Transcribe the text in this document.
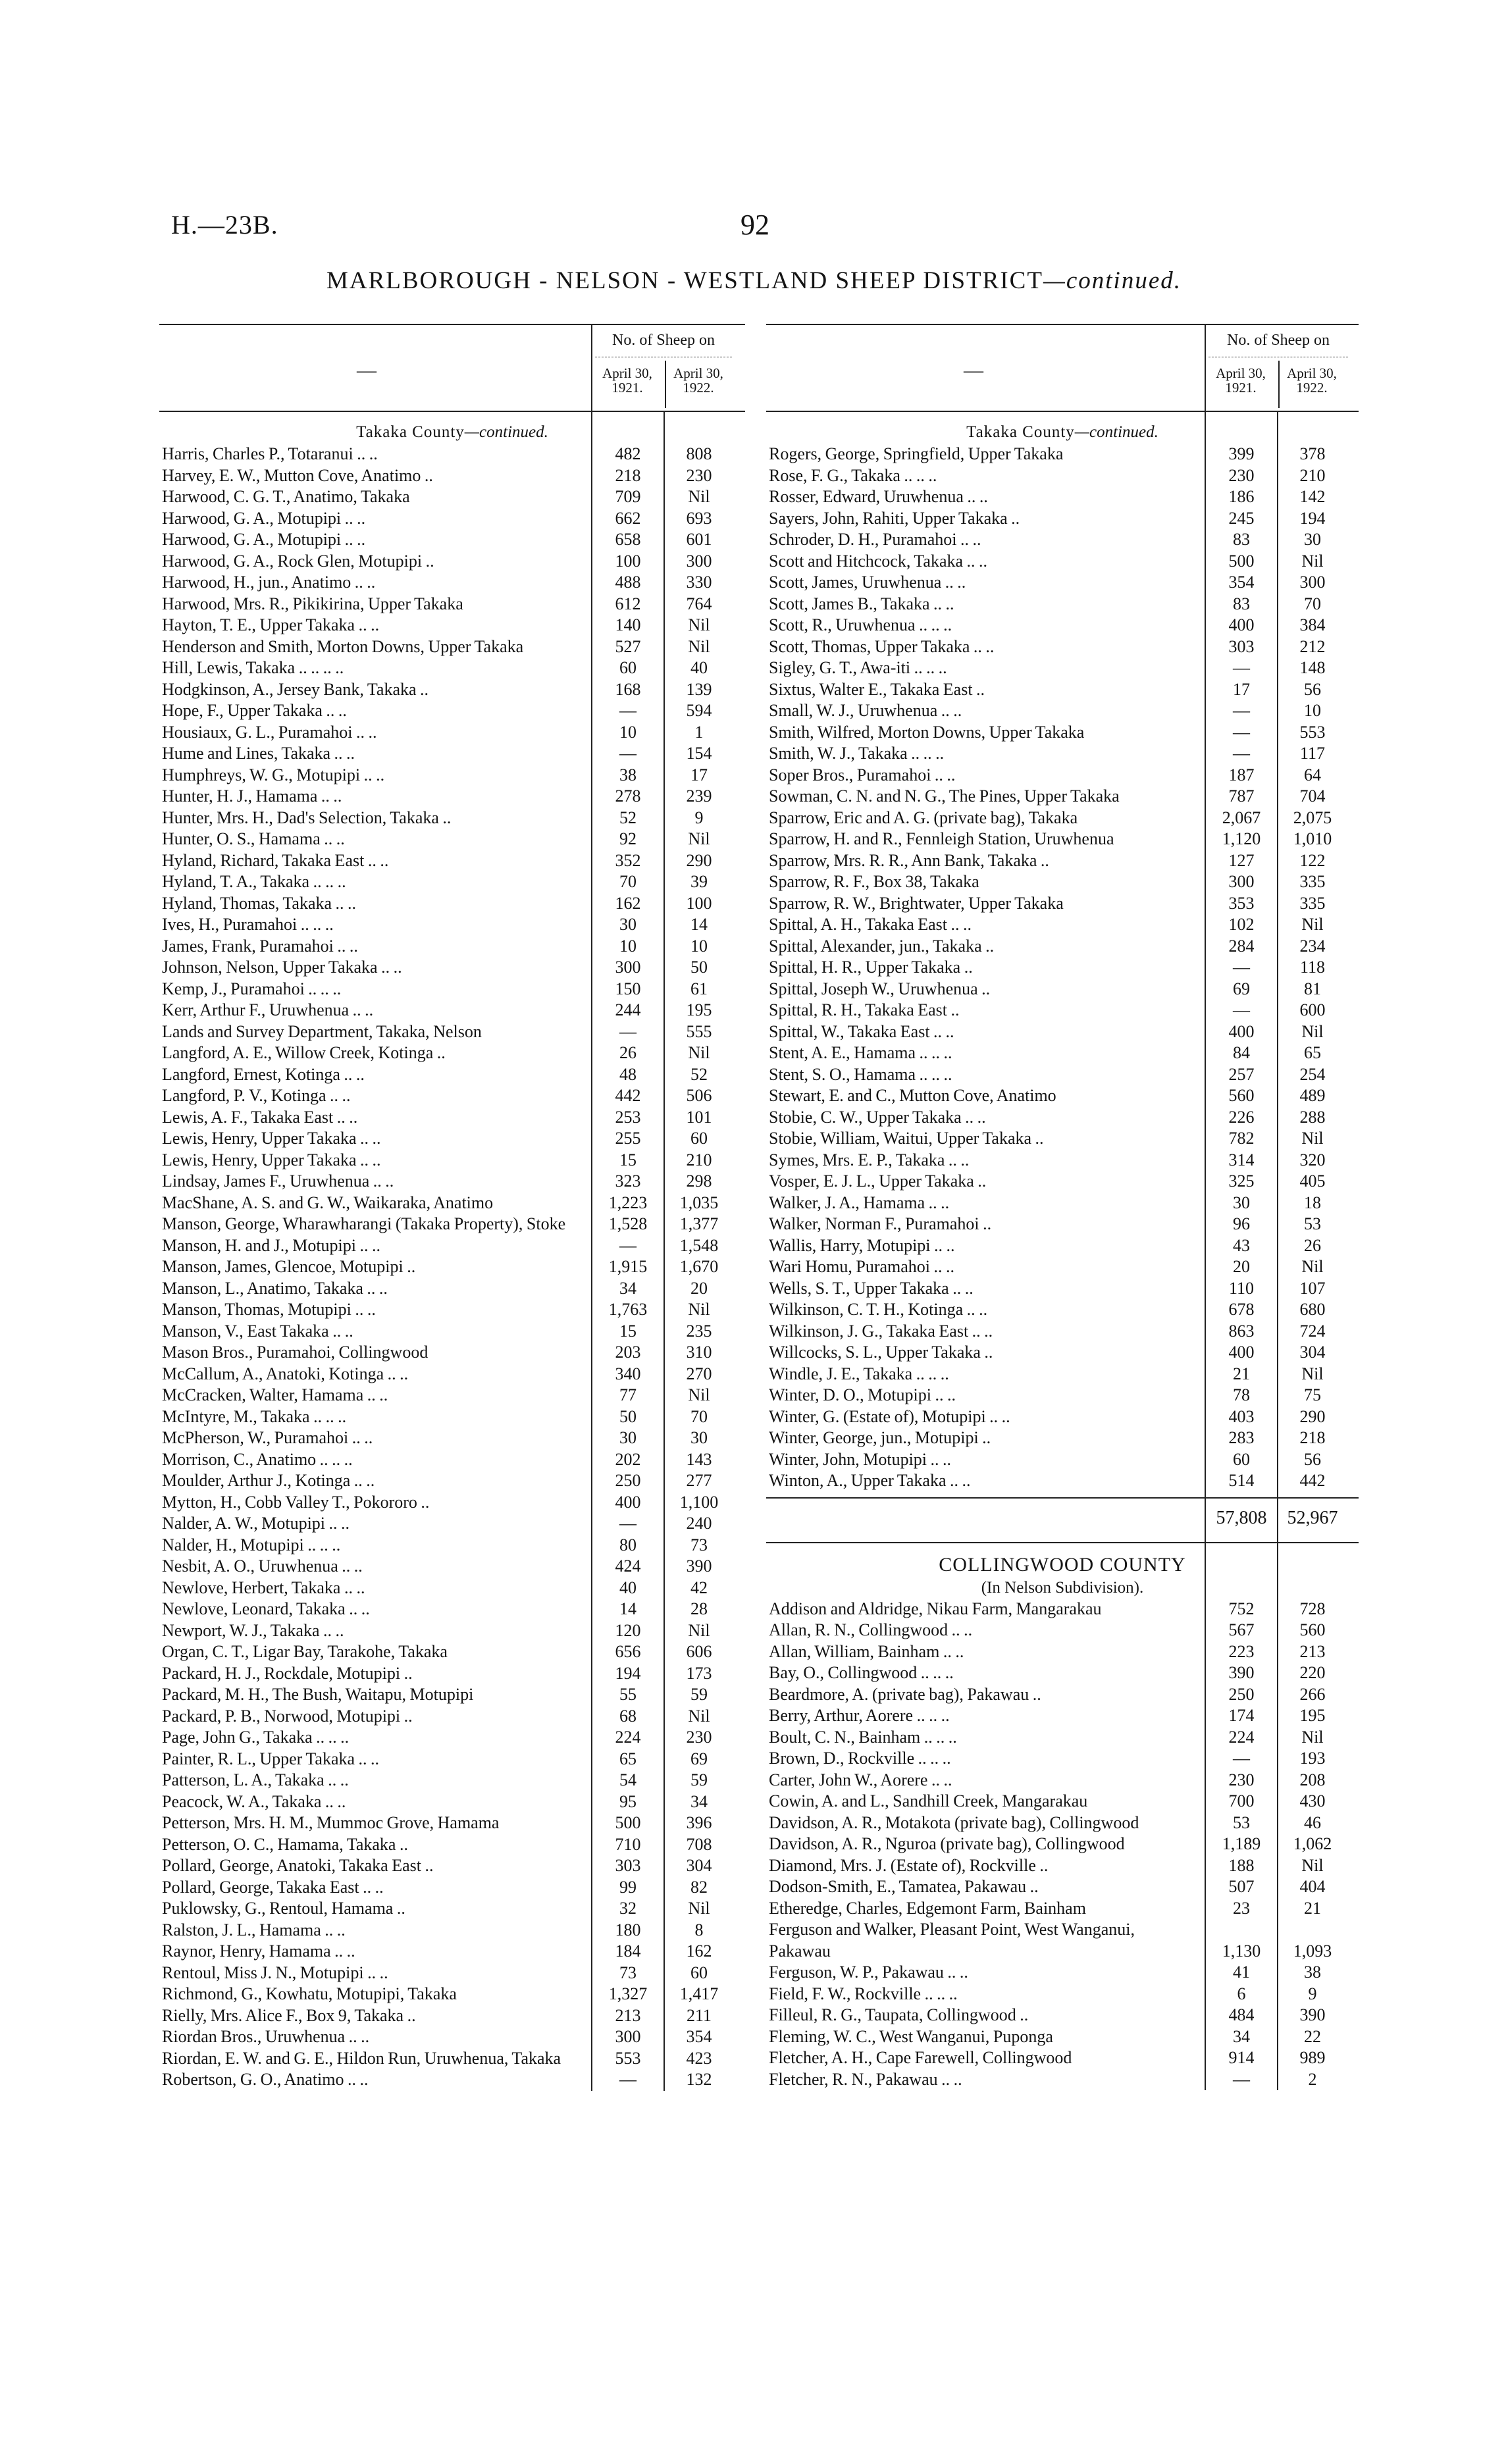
H.—23B.	92
MARLBOROUGH - NELSON - WESTLAND SHEEP DISTRICT—continued.
—
No. of Sheep on
April 30, 1921.
April 30, 1922.
Takaka County—continued.
Harris, Charles P., Totaranui .. ..	482	808
Harvey, E. W., Mutton Cove, Anatimo ..	218	230
Harwood, C. G. T., Anatimo, Takaka	709	Nil
Harwood, G. A., Motupipi .. ..	662	693
Harwood, G. A., Motupipi .. ..	658	601
Harwood, G. A., Rock Glen, Motupipi ..	100	300
Harwood, H., jun., Anatimo .. ..	488	330
Harwood, Mrs. R., Pikikirina, Upper Takaka	612	764
Hayton, T. E., Upper Takaka .. ..	140	Nil
Henderson and Smith, Morton Downs, Upper Takaka	527	Nil
Hill, Lewis, Takaka .. .. .. ..	60	40
Hodgkinson, A., Jersey Bank, Takaka ..	168	139
Hope, F., Upper Takaka .. ..	—	594
Housiaux, G. L., Puramahoi .. ..	10	1
Hume and Lines, Takaka .. ..	—	154
Humphreys, W. G., Motupipi .. ..	38	17
Hunter, H. J., Hamama .. ..	278	239
Hunter, Mrs. H., Dad's Selection, Takaka ..	52	9
Hunter, O. S., Hamama .. ..	92	Nil
Hyland, Richard, Takaka East .. ..	352	290
Hyland, T. A., Takaka .. .. ..	70	39
Hyland, Thomas, Takaka .. ..	162	100
Ives, H., Puramahoi .. .. ..	30	14
James, Frank, Puramahoi .. ..	10	10
Johnson, Nelson, Upper Takaka .. ..	300	50
Kemp, J., Puramahoi .. .. ..	150	61
Kerr, Arthur F., Uruwhenua .. ..	244	195
Lands and Survey Department, Takaka, Nelson	—	555
Langford, A. E., Willow Creek, Kotinga ..	26	Nil
Langford, Ernest, Kotinga .. ..	48	52
Langford, P. V., Kotinga .. ..	442	506
Lewis, A. F., Takaka East .. ..	253	101
Lewis, Henry, Upper Takaka .. ..	255	60
Lewis, Henry, Upper Takaka .. ..	15	210
Lindsay, James F., Uruwhenua .. ..	323	298
MacShane, A. S. and G. W., Waikaraka, Anatimo	1,223	1,035
Manson, George, Wharawharangi (Takaka Property), Stoke	1,528	1,377
Manson, H. and J., Motupipi .. ..	—	1,548
Manson, James, Glencoe, Motupipi ..	1,915	1,670
Manson, L., Anatimo, Takaka .. ..	34	20
Manson, Thomas, Motupipi .. ..	1,763	Nil
Manson, V., East Takaka .. ..	15	235
Mason Bros., Puramahoi, Collingwood	203	310
McCallum, A., Anatoki, Kotinga .. ..	340	270
McCracken, Walter, Hamama .. ..	77	Nil
McIntyre, M., Takaka .. .. ..	50	70
McPherson, W., Puramahoi .. ..	30	30
Morrison, C., Anatimo .. .. ..	202	143
Moulder, Arthur J., Kotinga .. ..	250	277
Mytton, H., Cobb Valley T., Pokororo ..	400	1,100
Nalder, A. W., Motupipi .. ..	—	240
Nalder, H., Motupipi .. .. ..	80	73
Nesbit, A. O., Uruwhenua .. ..	424	390
Newlove, Herbert, Takaka .. ..	40	42
Newlove, Leonard, Takaka .. ..	14	28
Newport, W. J., Takaka .. ..	120	Nil
Organ, C. T., Ligar Bay, Tarakohe, Takaka	656	606
Packard, H. J., Rockdale, Motupipi ..	194	173
Packard, M. H., The Bush, Waitapu, Motupipi	55	59
Packard, P. B., Norwood, Motupipi ..	68	Nil
Page, John G., Takaka .. .. ..	224	230
Painter, R. L., Upper Takaka .. ..	65	69
Patterson, L. A., Takaka .. ..	54	59
Peacock, W. A., Takaka .. ..	95	34
Petterson, Mrs. H. M., Mummoc Grove, Hamama	500	396
Petterson, O. C., Hamama, Takaka ..	710	708
Pollard, George, Anatoki, Takaka East ..	303	304
Pollard, George, Takaka East .. ..	99	82
Puklowsky, G., Rentoul, Hamama ..	32	Nil
Ralston, J. L., Hamama .. ..	180	8
Raynor, Henry, Hamama .. ..	184	162
Rentoul, Miss J. N., Motupipi .. ..	73	60
Richmond, G., Kowhatu, Motupipi, Takaka	1,327	1,417
Rielly, Mrs. Alice F., Box 9, Takaka ..	213	211
Riordan Bros., Uruwhenua .. ..	300	354
Riordan, E. W. and G. E., Hildon Run, Uruwhenua, Takaka	553	423
Robertson, G. O., Anatimo .. ..	—	132
—
No. of Sheep on
April 30, 1921.
April 30, 1922.
Takaka County—continued.
Rogers, George, Springfield, Upper Takaka	399	378
Rose, F. G., Takaka .. .. ..	230	210
Rosser, Edward, Uruwhenua .. ..	186	142
Sayers, John, Rahiti, Upper Takaka ..	245	194
Schroder, D. H., Puramahoi .. ..	83	30
Scott and Hitchcock, Takaka .. ..	500	Nil
Scott, James, Uruwhenua .. ..	354	300
Scott, James B., Takaka .. ..	83	70
Scott, R., Uruwhenua .. .. ..	400	384
Scott, Thomas, Upper Takaka .. ..	303	212
Sigley, G. T., Awa-iti .. .. ..	—	148
Sixtus, Walter E., Takaka East ..	17	56
Small, W. J., Uruwhenua .. ..	—	10
Smith, Wilfred, Morton Downs, Upper Takaka	—	553
Smith, W. J., Takaka .. .. ..	—	117
Soper Bros., Puramahoi .. ..	187	64
Sowman, C. N. and N. G., The Pines, Upper Takaka	787	704
Sparrow, Eric and A. G. (private bag), Takaka	2,067	2,075
Sparrow, H. and R., Fennleigh Station, Uruwhenua	1,120	1,010
Sparrow, Mrs. R. R., Ann Bank, Takaka ..	127	122
Sparrow, R. F., Box 38, Takaka	300	335
Sparrow, R. W., Brightwater, Upper Takaka	353	335
Spittal, A. H., Takaka East .. ..	102	Nil
Spittal, Alexander, jun., Takaka ..	284	234
Spittal, H. R., Upper Takaka ..	—	118
Spittal, Joseph W., Uruwhenua ..	69	81
Spittal, R. H., Takaka East ..	—	600
Spittal, W., Takaka East .. ..	400	Nil
Stent, A. E., Hamama .. .. ..	84	65
Stent, S. O., Hamama .. .. ..	257	254
Stewart, E. and C., Mutton Cove, Anatimo	560	489
Stobie, C. W., Upper Takaka .. ..	226	288
Stobie, William, Waitui, Upper Takaka ..	782	Nil
Symes, Mrs. E. P., Takaka .. ..	314	320
Vosper, E. J. L., Upper Takaka ..	325	405
Walker, J. A., Hamama .. ..	30	18
Walker, Norman F., Puramahoi ..	96	53
Wallis, Harry, Motupipi .. ..	43	26
Wari Homu, Puramahoi .. ..	20	Nil
Wells, S. T., Upper Takaka .. ..	110	107
Wilkinson, C. T. H., Kotinga .. ..	678	680
Wilkinson, J. G., Takaka East .. ..	863	724
Willcocks, S. L., Upper Takaka ..	400	304
Windle, J. E., Takaka .. .. ..	21	Nil
Winter, D. O., Motupipi .. ..	78	75
Winter, G. (Estate of), Motupipi .. ..	403	290
Winter, George, jun., Motupipi ..	283	218
Winter, John, Motupipi .. ..	60	56
Winton, A., Upper Takaka .. ..	514	442
57,808	52,967
COLLINGWOOD COUNTY
(In Nelson Subdivision).
Addison and Aldridge, Nikau Farm, Mangarakau	752	728
Allan, R. N., Collingwood .. ..	567	560
Allan, William, Bainham .. ..	223	213
Bay, O., Collingwood .. .. ..	390	220
Beardmore, A. (private bag), Pakawau ..	250	266
Berry, Arthur, Aorere .. .. ..	174	195
Boult, C. N., Bainham .. .. ..	224	Nil
Brown, D., Rockville .. .. ..	—	193
Carter, John W., Aorere .. ..	230	208
Cowin, A. and L., Sandhill Creek, Mangarakau	700	430
Davidson, A. R., Motakota (private bag), Collingwood	53	46
Davidson, A. R., Nguroa (private bag), Collingwood	1,189	1,062
Diamond, Mrs. J. (Estate of), Rockville ..	188	Nil
Dodson-Smith, E., Tamatea, Pakawau ..	507	404
Etheredge, Charles, Edgemont Farm, Bainham	23	21
Ferguson and Walker, Pleasant Point, West Wanganui, Pakawau	1,130	1,093
Ferguson, W. P., Pakawau .. ..	41	38
Field, F. W., Rockville .. .. ..	6	9
Filleul, R. G., Taupata, Collingwood ..	484	390
Fleming, W. C., West Wanganui, Puponga	34	22
Fletcher, A. H., Cape Farewell, Collingwood	914	989
Fletcher, R. N., Pakawau .. ..	—	2
